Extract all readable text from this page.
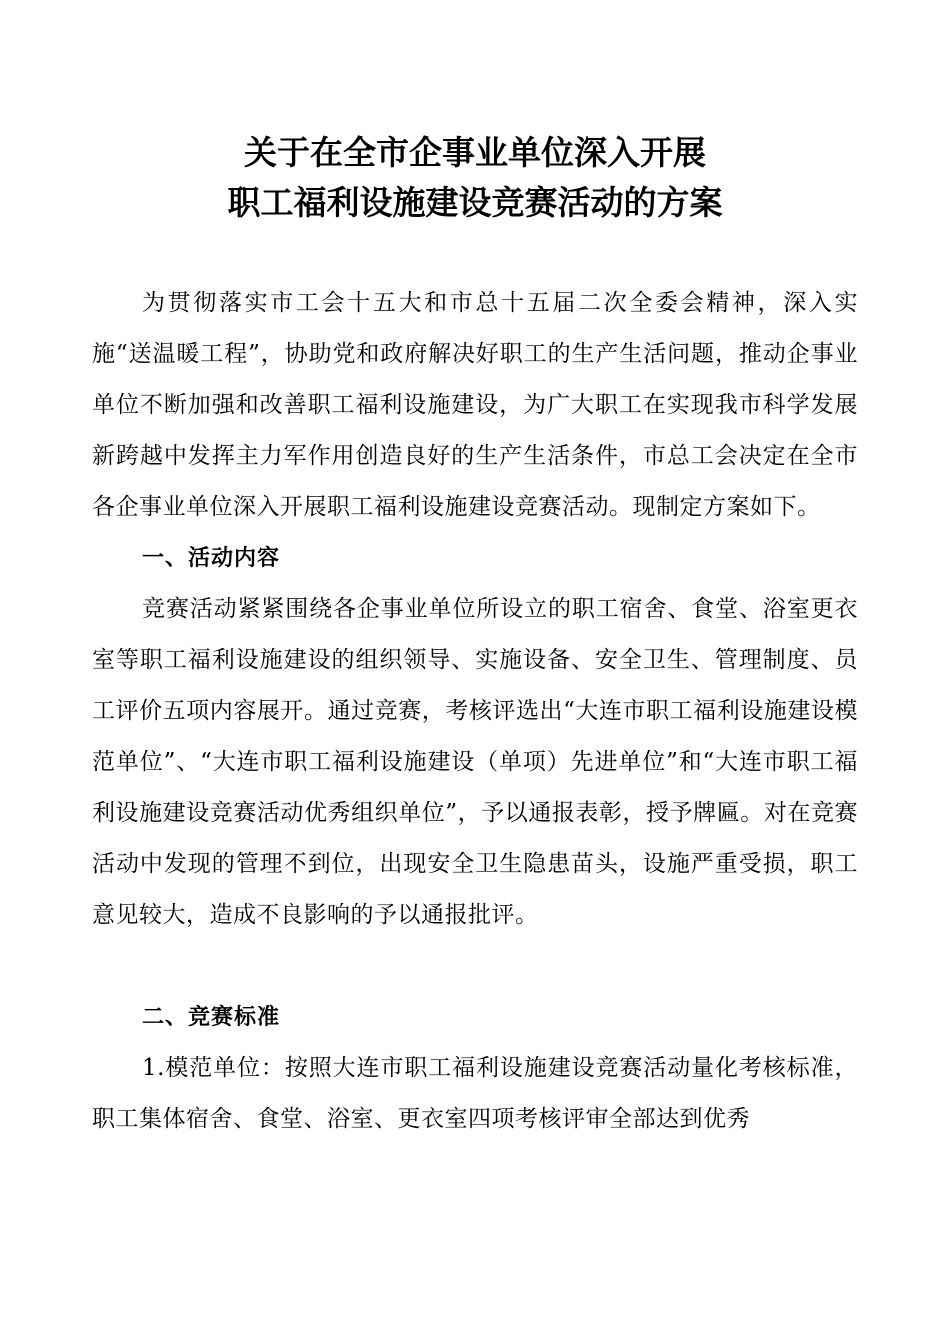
关于在全市企事业单位深入开展
职工福利设施建设竞赛活动的方案

为贯彻落实市工会十五大和市总十五届二次全委会精神，深入实施“送温暖工程”，协助党和政府解决好职工的生产生活问题，推动企事业单位不断加强和改善职工福利设施建设，为广大职工在实现我市科学发展新跨越中发挥主力军作用创造良好的生产生活条件，市总工会决定在全市各企事业单位深入开展职工福利设施建设竞赛活动。现制定方案如下。

一、活动内容

竞赛活动紧紧围绕各企事业单位所设立的职工宿舍、食堂、浴室更衣室等职工福利设施建设的组织领导、实施设备、安全卫生、管理制度、员工评价五项内容展开。通过竞赛，考核评选出“大连市职工福利设施建设模范单位”、“大连市职工福利设施建设（单项）先进单位”和“大连市职工福利设施建设竞赛活动优秀组织单位”，予以通报表彰，授予牌匾。对在竞赛活动中发现的管理不到位，出现安全卫生隐患苗头，设施严重受损，职工意见较大，造成不良影响的予以通报批评。

二、竞赛标准

1.模范单位：按照大连市职工福利设施建设竞赛活动量化考核标准，职工集体宿舍、食堂、浴室、更衣室四项考核评审全部达到优秀
